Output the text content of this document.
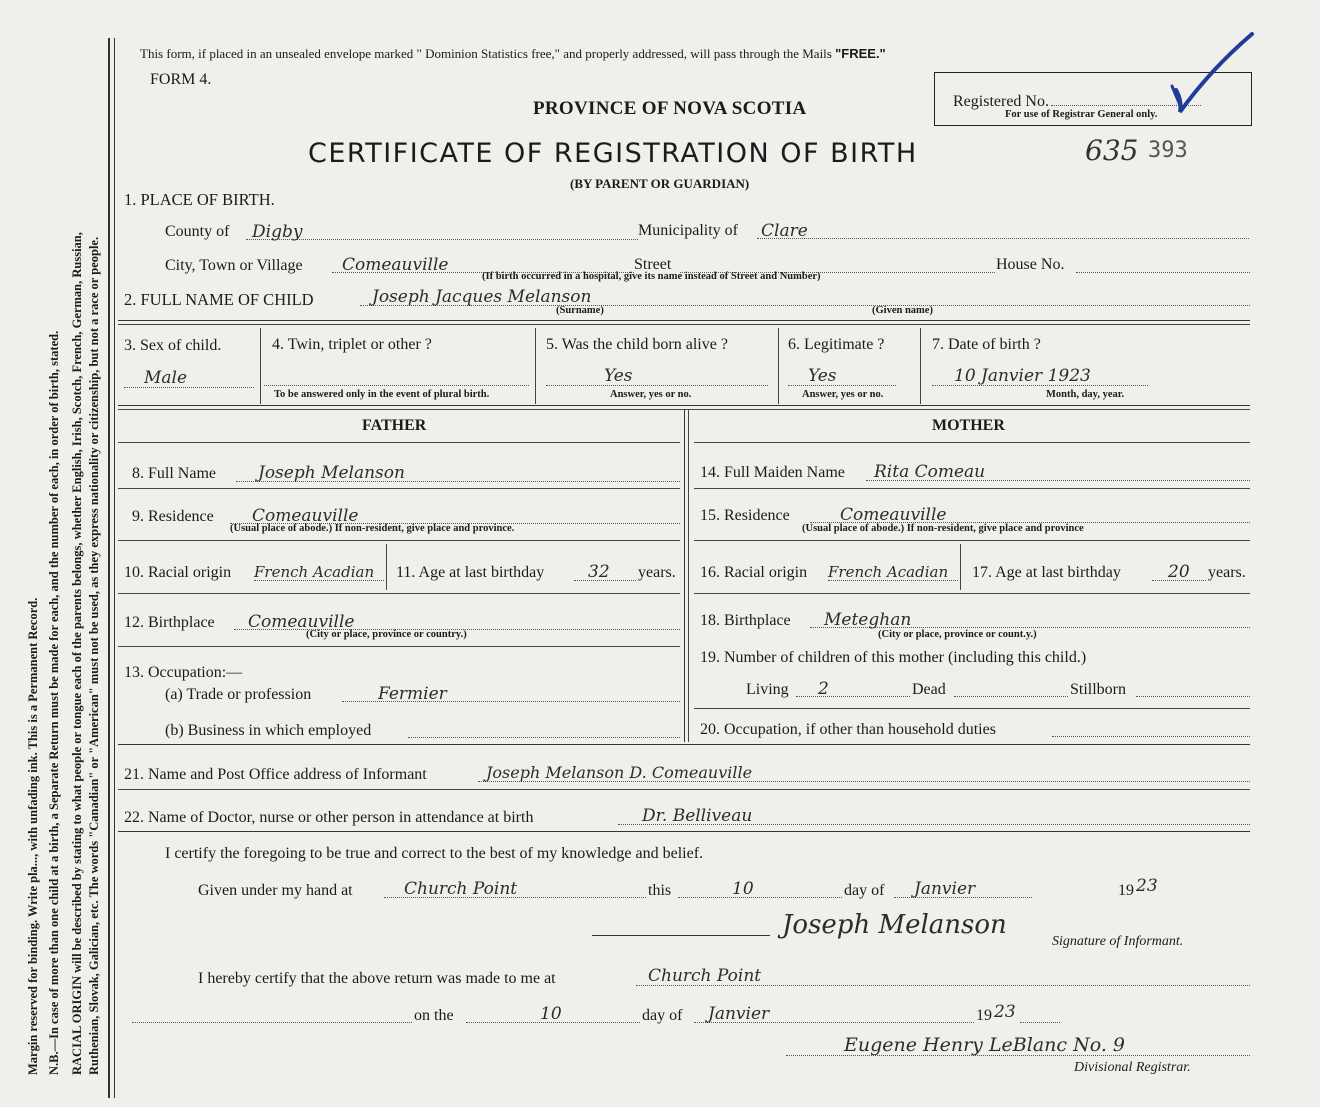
Margin reserved for binding. Write pla..., with unfading ink. This is a Permanent Record. N.B.—In case of more than one child at a birth, a Separate Return must be made for each, and the number of each, in order of birth, stated. RACIAL ORIGIN will be described by stating to what people or tongue each of the parents belongs, whether English, Irish, Scotch, French, German, Russian, Ruthenian, Slovak, Galician, etc. The words "Canadian" or "American" must not be used, as they express nationality or citizenship, but not a race or people.
This form, if placed in an unsealed envelope marked " Dominion Statistics free," and properly addressed, will pass through the Mails "FREE."
FORM 4.
PROVINCE OF NOVA SCOTIA	Registered No.
For use of Registrar General only.
CERTIFICATE OF REGISTRATION OF BIRTH	635 393
(BY PARENT OR GUARDIAN)
1. PLACE OF BIRTH.
County of	Digby	Municipality of Clare
City, Town or Village	Comeauville	Street	House No.
(If birth occurred in a hospital, give its name instead of Street and Number)
2. FULL NAME OF CHILD	Joseph Jacques Melanson
(Surname)	(Given name)
3. Sex of child.
Male
4. Twin, triplet or other ?
To be answered only in the event of plural birth.
5. Was the child born alive ?
Yes
Answer, yes or no.
6. Legitimate ?
Yes
Answer, yes or no.
7. Date of birth ?
10 Janvier 1923
Month, day, year.
FATHER
8. Full Name	Joseph Melanson
9. Residence	Comeauville
(Usual place of abode.) If non-resident, give place and province.
10. Racial origin French Acadian	11. Age at last birthday	32	years.
12. Birthplace	Comeauville
(City or place, province or country.)
13. Occupation:—
(a) Trade or profession	Fermier
(b) Business in which employed
MOTHER
14. Full Maiden Name	Rita Comeau
15. Residence	Comeauville
(Usual place of abode.) If non-resident, give place and province
16. Racial origin French Acadian	17. Age at last birthday	20	years.
18. Birthplace	Meteghan
(City or place, province or count.y.)
19. Number of children of this mother (including this child.)
Living	2	Dead	Stillborn
20. Occupation, if other than household duties
21. Name and Post Office address of Informant	Joseph Melanson D. Comeauville
22. Name of Doctor, nurse or other person in attendance at birth	Dr. Belliveau
I certify the foregoing to be true and correct to the best of my knowledge and belief.
Given under my hand at	Church Point	this	10	day of	Janvier	19 23
Joseph Melanson
Signature of Informant.
I hereby certify that the above return was made to me at	Church Point
on the	10	day of	Janvier	19 23
Eugene Henry LeBlanc No. 9
Divisional Registrar.
